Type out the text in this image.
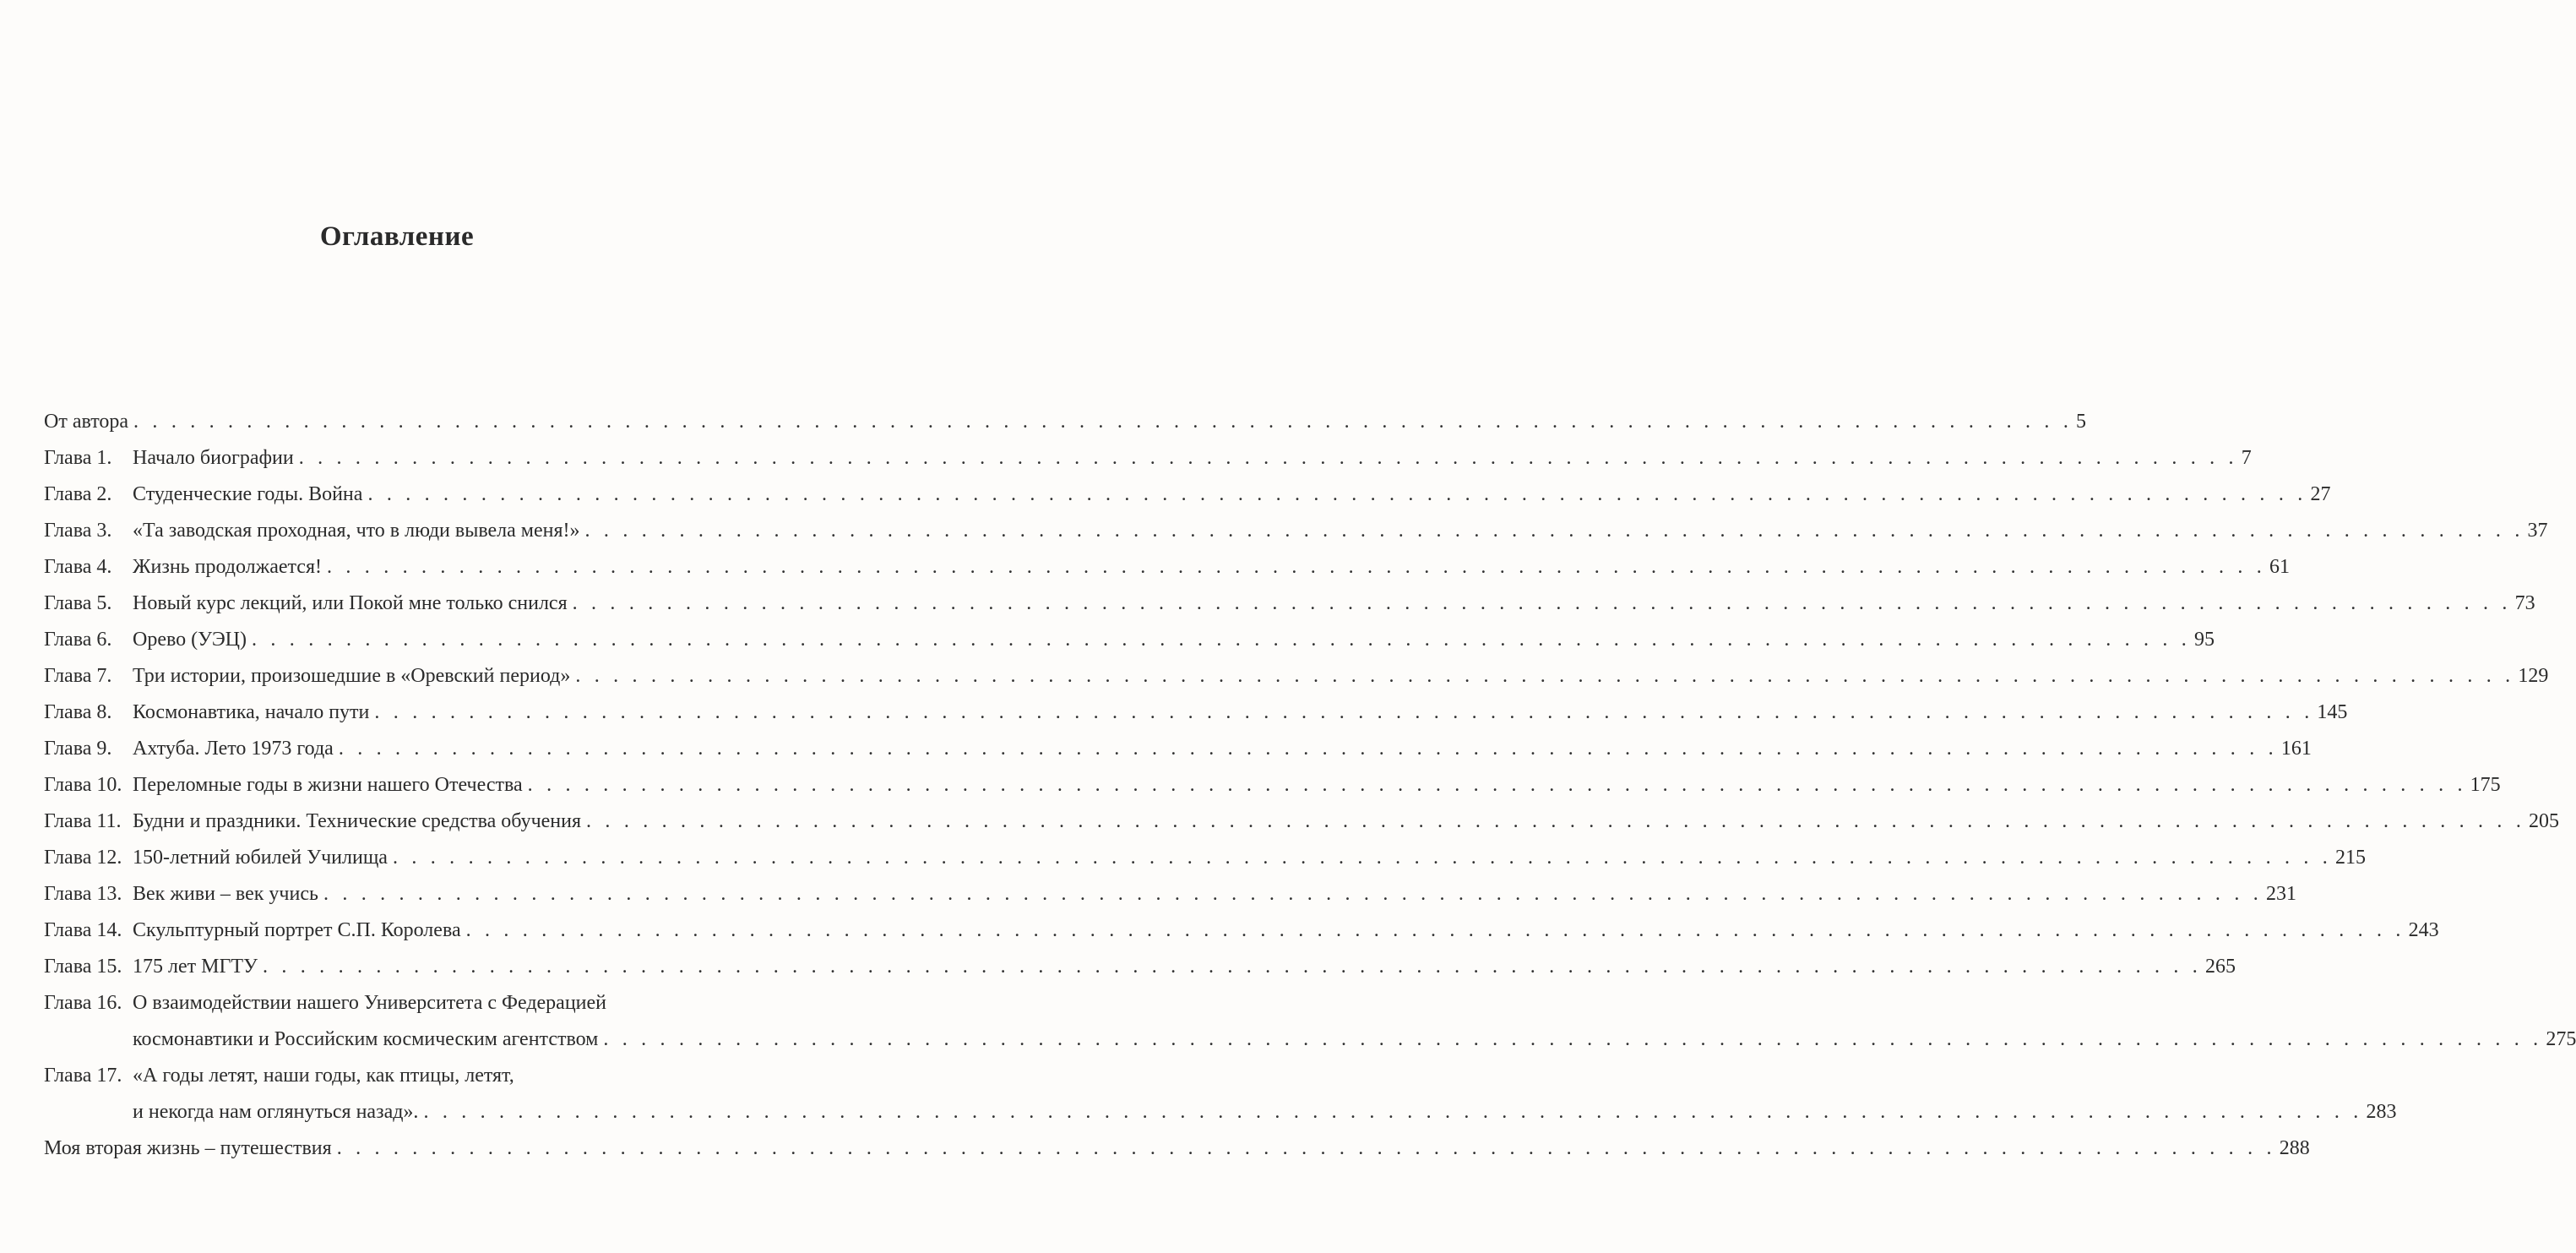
Оглавление
От автора . . .	5
Глава 1.	Начало биографии . . .	7
Глава 2.	Студенческие годы. Война . . .	27
Глава 3.	«Та заводская проходная, что в люди вывела меня!» . . .	37
Глава 4.	Жизнь продолжается! . . .	61
Глава 5.	Новый курс лекций, или Покой мне только снился . . .	73
Глава 6.	Орево (УЭЦ) . . .	95
Глава 7.	Три истории, произошедшие в «Оревский период» . . .	129
Глава 8.	Космонавтика, начало пути . . .	145
Глава 9.	Ахтуба. Лето 1973 года . . .	161
Глава 10. Переломные годы в жизни нашего Отечества . . .	175
Глава 11. Будни и праздники. Технические средства обучения . . .	205
Глава 12. 150-летний юбилей Училища . . .	215
Глава 13. Век живи – век учись . . .	231
Глава 14. Скульптурный портрет С.П. Королева . . .	243
Глава 15. 175 лет МГТУ . . .	265
Глава 16. О взаимодействии нашего Университета с Федерацией
космонавтики и Российским космическим агентством . . .	275
Глава 17. «А годы летят, наши годы, как птицы, летят,
и некогда нам оглянуться назад». . . .	283
Моя вторая жизнь – путешествия . . .	288
